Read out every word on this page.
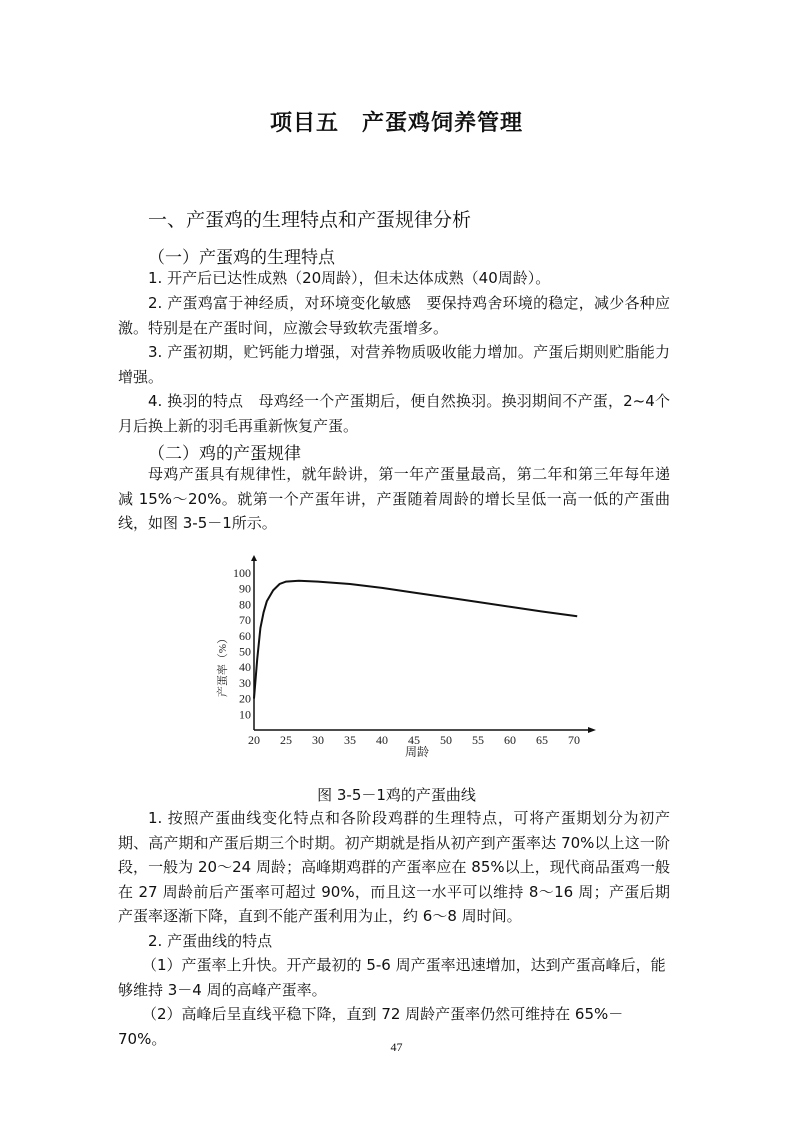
项目五　产蛋鸡饲养管理
一、产蛋鸡的生理特点和产蛋规律分析
（一）产蛋鸡的生理特点
1. 开产后已达性成熟（20周龄），但未达体成熟（40周龄）。
2. 产蛋鸡富于神经质，对环境变化敏感　要保持鸡舍环境的稳定，减少各种应激。特别是在产蛋时间，应激会导致软壳蛋增多。
3. 产蛋初期，贮钙能力增强，对营养物质吸收能力增加。产蛋后期则贮脂能力增强。
4. 换羽的特点　母鸡经一个产蛋期后，便自然换羽。换羽期间不产蛋，2~4个月后换上新的羽毛再重新恢复产蛋。
（二）鸡的产蛋规律
母鸡产蛋具有规律性，就年龄讲，第一年产蛋量最高，第二年和第三年每年递减 15%～20%。就第一个产蛋年讲，产蛋随着周龄的增长呈低一高一低的产蛋曲线，如图 3-5－1所示。
20 25 30 35 40 45 50 55 60 65 70
10
20
30
40
50
60
70
80
90
100
周龄
产蛋率（%）
图 3-5－1鸡的产蛋曲线
1. 按照产蛋曲线变化特点和各阶段鸡群的生理特点，可将产蛋期划分为初产期、高产期和产蛋后期三个时期。初产期就是指从初产到产蛋率达 70%以上这一阶段，一般为 20～24 周龄；高峰期鸡群的产蛋率应在 85%以上，现代商品蛋鸡一般在 27 周龄前后产蛋率可超过 90%，而且这一水平可以维持 8～16 周；产蛋后期产蛋率逐渐下降，直到不能产蛋利用为止，约 6～8 周时间。
2. 产蛋曲线的特点
（1）产蛋率上升快。开产最初的 5-6 周产蛋率迅速增加，达到产蛋高峰后，能够维持 3－4 周的高峰产蛋率。
（2）高峰后呈直线平稳下降，直到 72 周龄产蛋率仍然可维持在 65%－70%。	47
